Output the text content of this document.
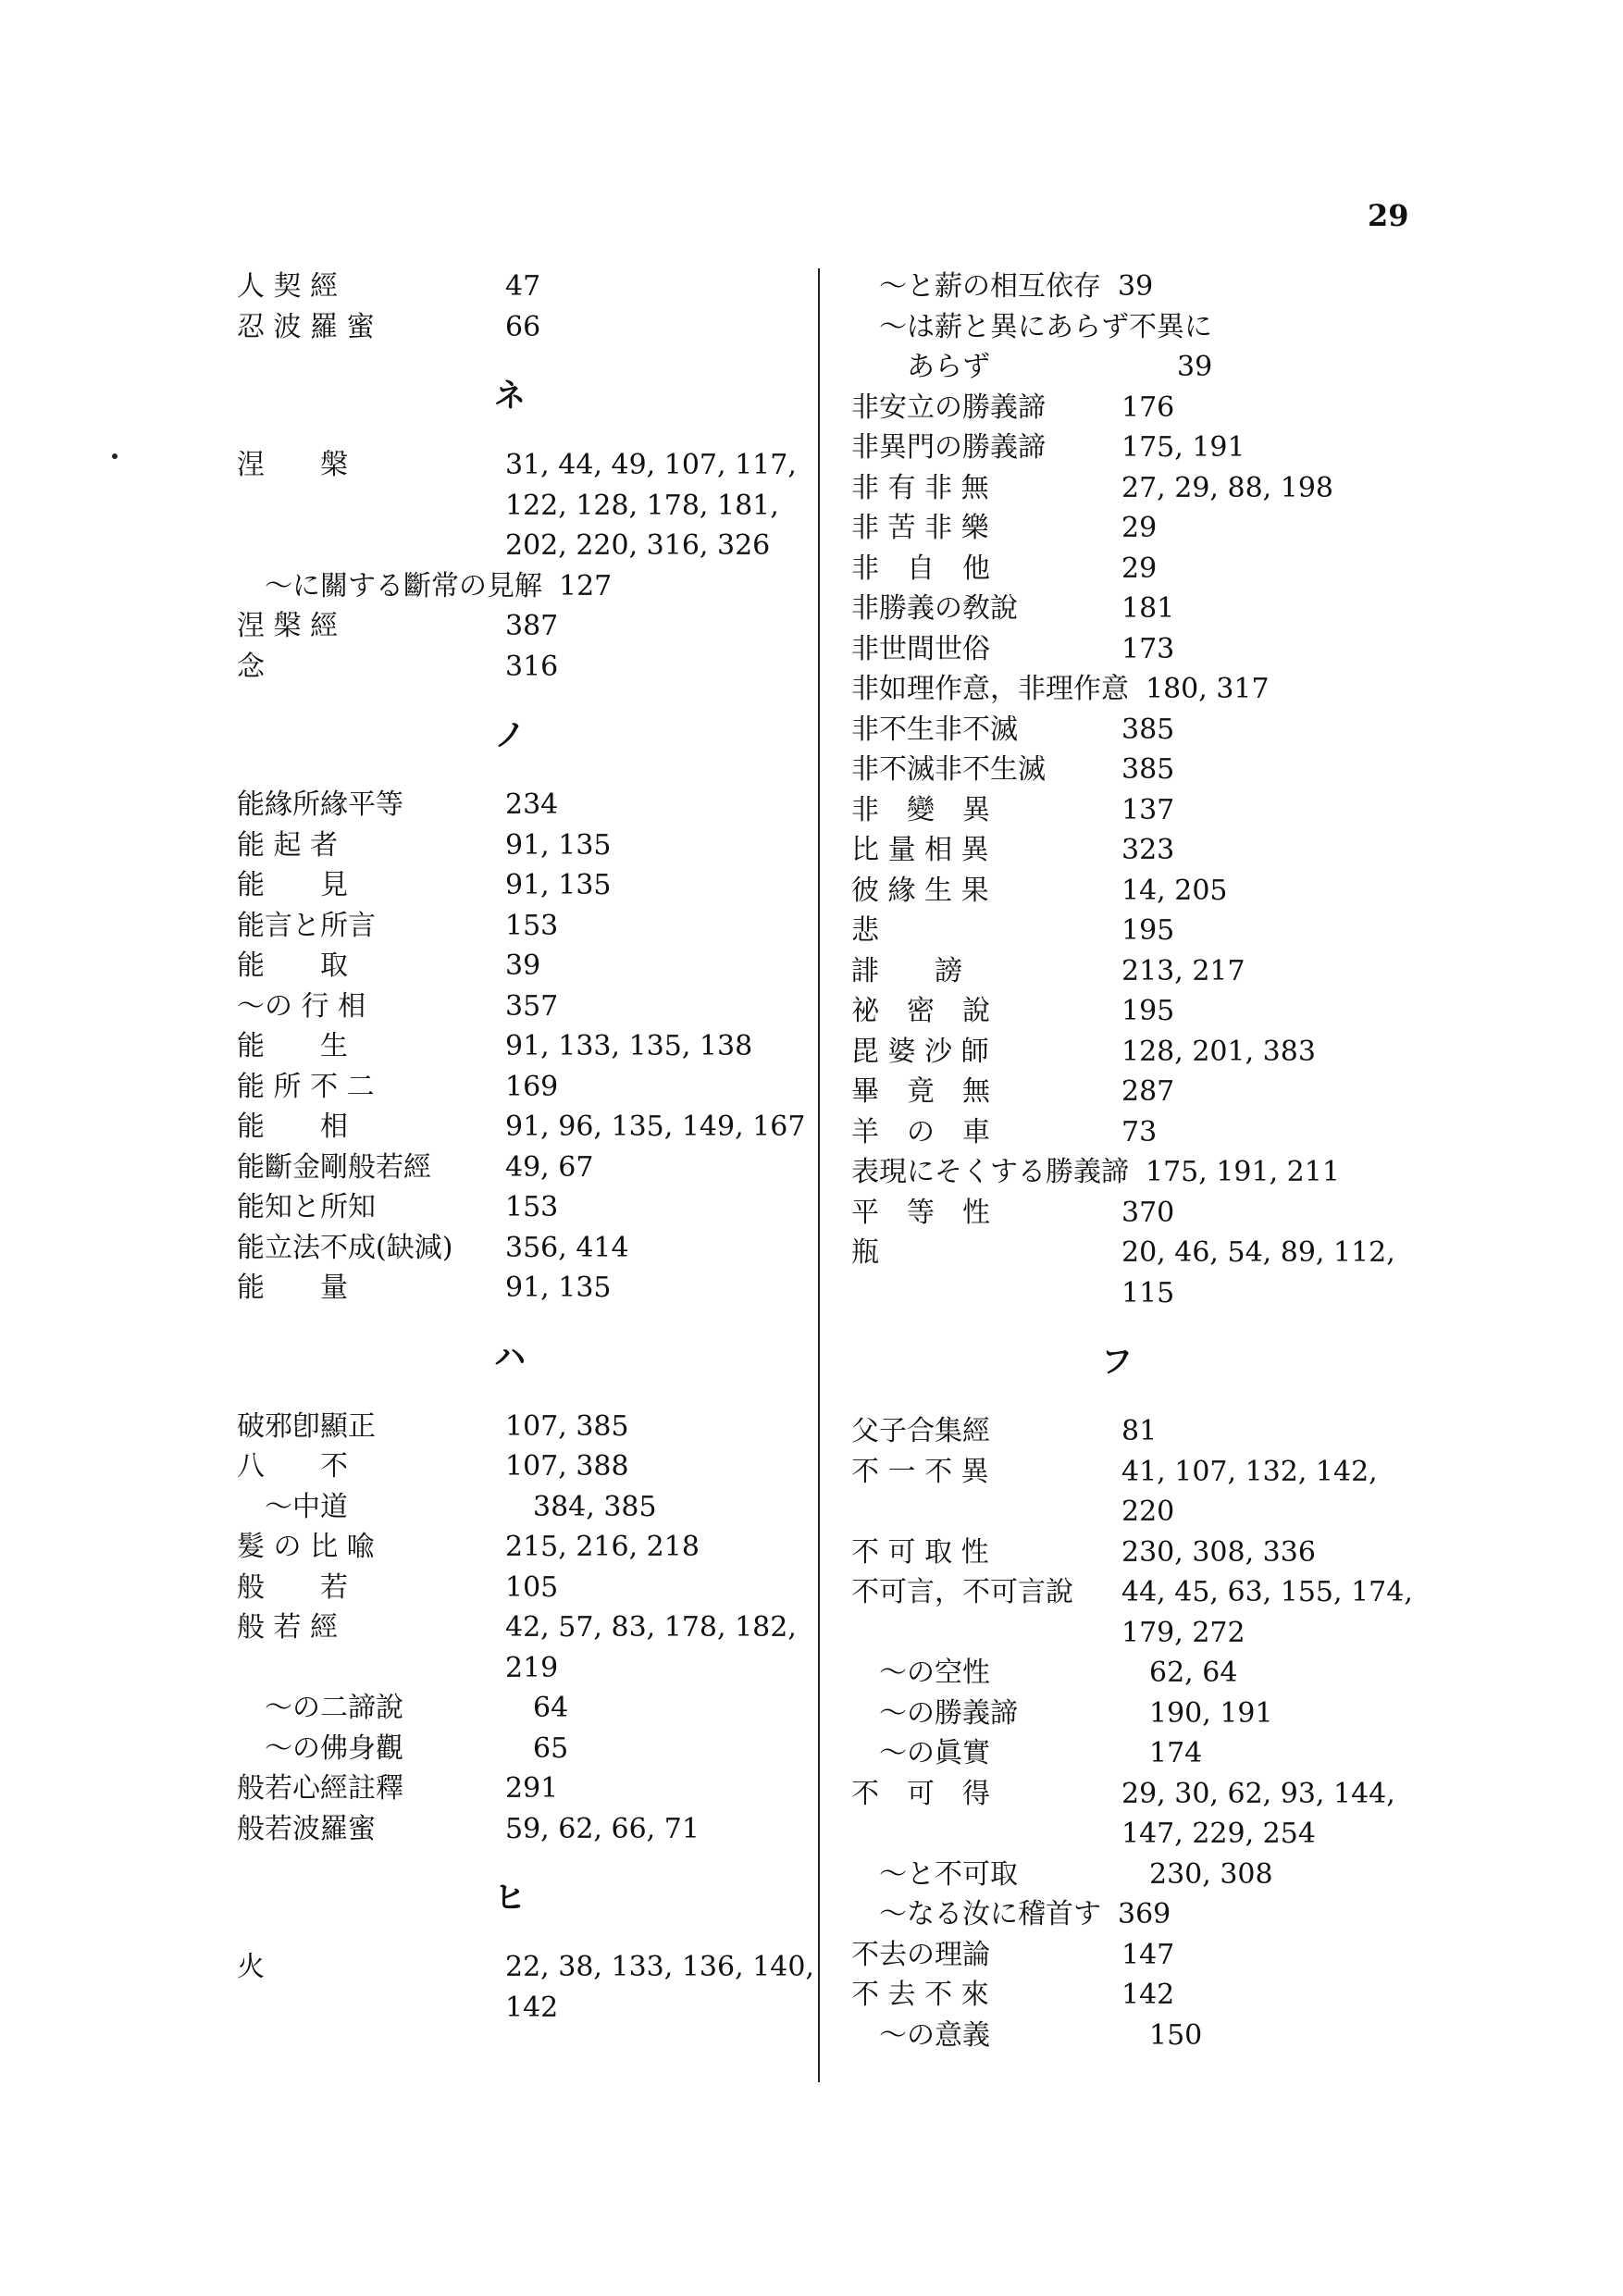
29
人 契 經	47
忍 波 羅 蜜	66
ネ
涅　　槃	31, 44, 49, 107, 117,
122, 128, 178, 181,
202, 220, 316, 326
～に關する斷常の見解 127
涅 槃 經	387
念	316
ノ
能緣所緣平等	234
能 起 者	91, 135
能　　見	91, 135
能言と所言	153
能　　取	39
～の 行 相	357
能　　生	91, 133, 135, 138
能 所 不 二	169
能　　相	91, 96, 135, 149, 167
能斷金剛般若經	49, 67
能知と所知	153
能立法不成(缺減)	356, 414
能　　量	91, 135
ハ
破邪卽顯正	107, 385
八　　不	107, 388
～中道	384, 385
髮 の 比 喩	215, 216, 218
般　　若	105
般 若 經	42, 57, 83, 178, 182,
219
～の二諦說	64
～の佛身觀	65
般若心經註釋	291
般若波羅蜜	59, 62, 66, 71
ヒ
火	22, 38, 133, 136, 140,
142
～と薪の相互依存 39
～は薪と異にあらず不異に
あらず	39
非安立の勝義諦	176
非異門の勝義諦	175, 191
非 有 非 無	27, 29, 88, 198
非 苦 非 樂	29
非　自　他	29
非勝義の敎說	181
非世間世俗	173
非如理作意，非理作意 180, 317
非不生非不滅	385
非不滅非不生滅	385
非　變　異	137
比 量 相 異	323
彼 緣 生 果	14, 205
悲	195
誹　　謗	213, 217
祕　密　說	195
毘 婆 沙 師	128, 201, 383
畢　竟　無	287
羊　の　車	73
表現にそくする勝義諦 175, 191, 211
平　等　性	370
瓶	20, 46, 54, 89, 112,
115
フ
父子合集經	81
不 一 不 異	41, 107, 132, 142,
220
不 可 取 性	230, 308, 336
不可言，不可言說	44, 45, 63, 155, 174,
179, 272
～の空性	62, 64
～の勝義諦	190, 191
～の眞實	174
不　可　得	29, 30, 62, 93, 144,
147, 229, 254
～と不可取	230, 308
～なる汝に稽首す 369
不去の理論	147
不 去 不 來	142
～の意義	150
